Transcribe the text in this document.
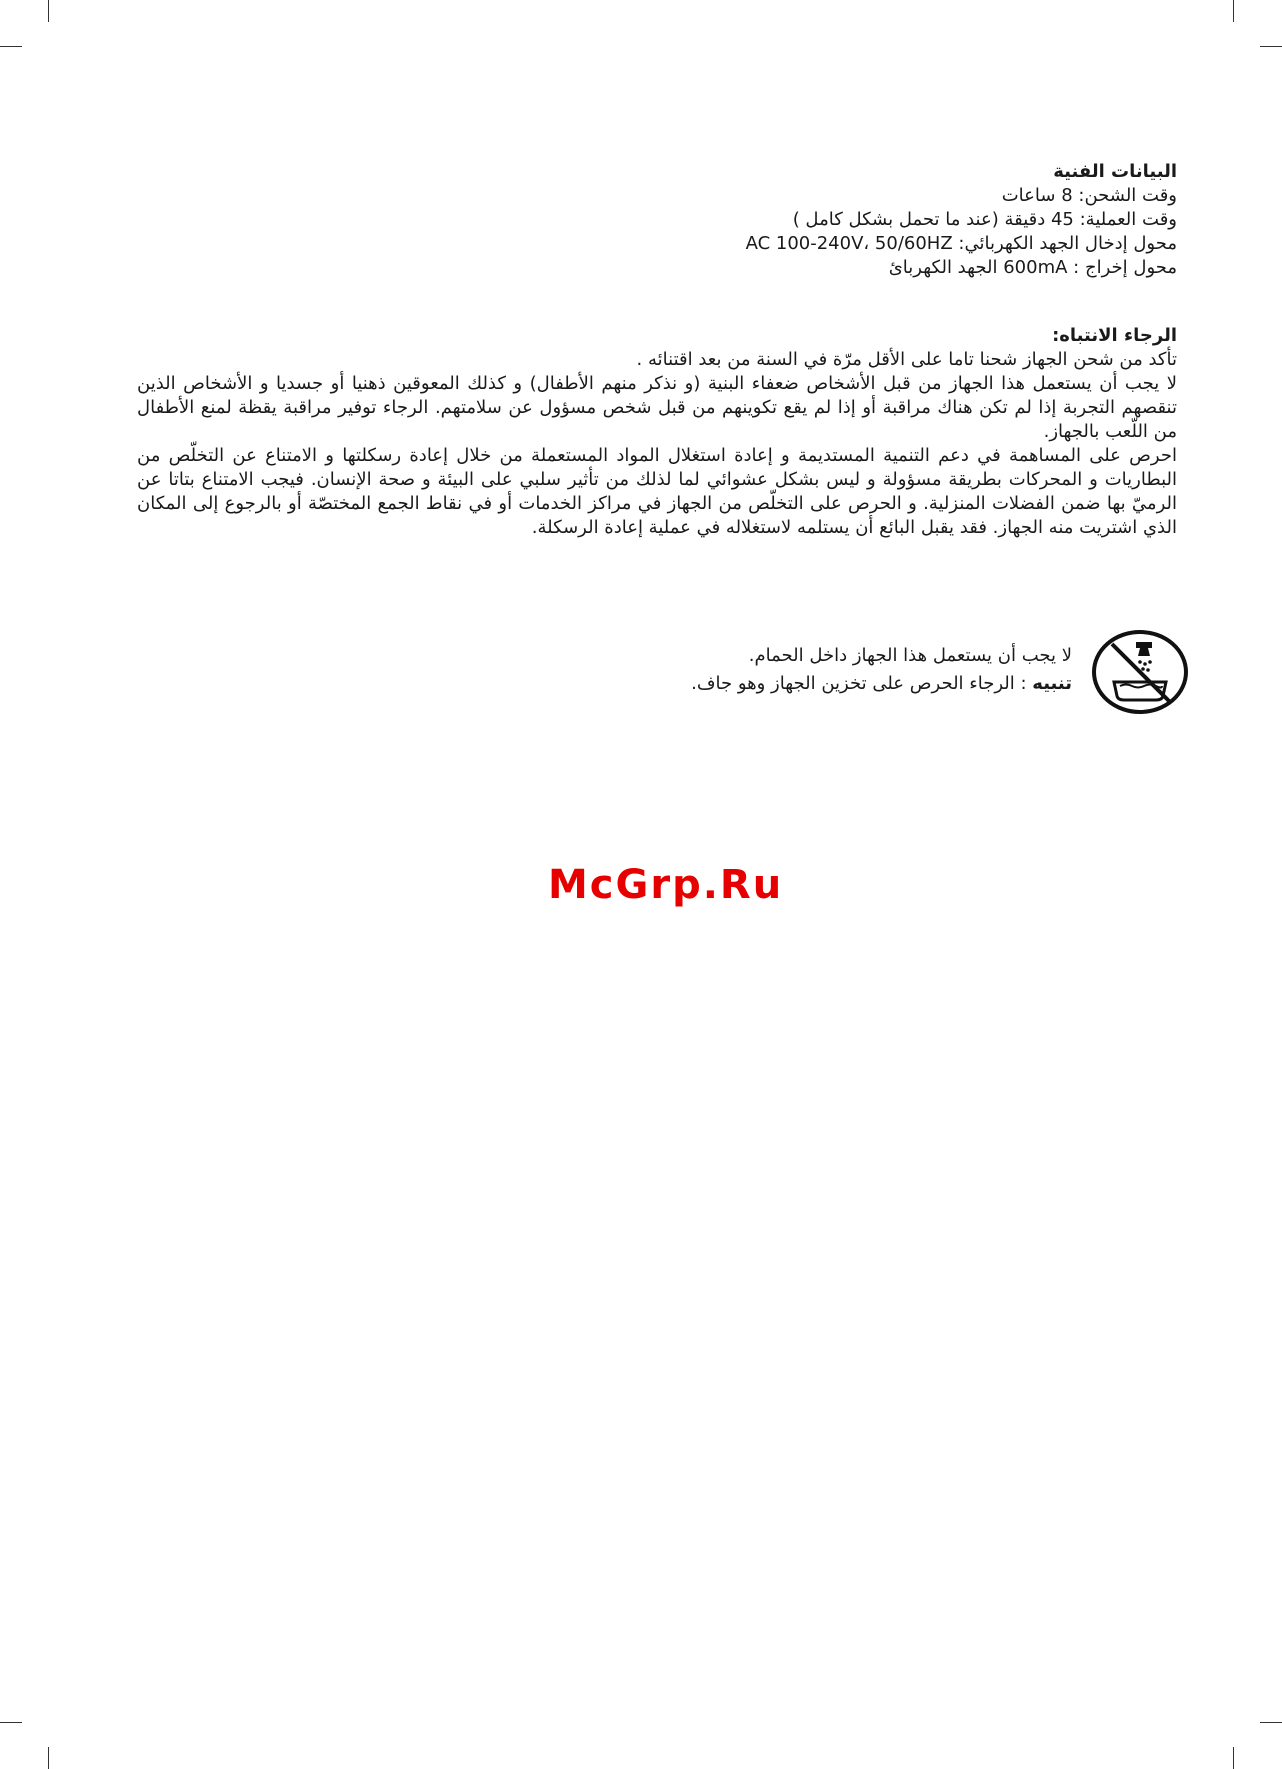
البيانات الفنية
وقت الشحن: 8 ساعات
وقت العملية: 45 دقيقة (عند ما تحمل بشكل كامل )
محول إدخال الجهد الكهربائي: AC 100-240V، 50/60HZ
محول إخراج : 600mA الجهد الكهربائ
الرجاء الانتباه:

تأكد من شحن الجهاز شحنا تاما على الأقل مرّة في السنة من بعد اقتنائه .

لا يجب أن يستعمل هذا الجهاز من قبل الأشخاص ضعفاء البنية (و نذكر منهم الأطفال) و كذلك المعوقين ذهنيا أو جسديا و الأشخاص الذين تنقصهم التجربة إذا لم تكن هناك مراقبة أو إذا لم يقع تكوينهم من قبل شخص مسؤول عن سلامتهم. الرجاء توفير مراقبة يقظة لمنع الأطفال من اللّعب بالجهاز.

احرص على المساهمة في دعم التنمية المستديمة و إعادة استغلال المواد المستعملة من خلال إعادة رسكلتها و الامتناع عن التخلّص من البطاريات و المحركات بطريقة مسؤولة و ليس بشكل عشوائي لما لذلك من تأثير سلبي على البيئة و صحة الإنسان. فيجب الامتناع بتاتا عن الرميّ بها ضمن الفضلات المنزلية. و الحرص على التخلّص من الجهاز في مراكز الخدمات أو في نقاط الجمع المختصّة أو بالرجوع إلى المكان الذي اشتريت منه الجهاز. فقد يقبل البائع أن يستلمه لاستغلاله في عملية إعادة الرسكلة.

لا يجب أن يستعمل هذا الجهاز داخل الحمام.
تنبيه : الرجاء الحرص على تخزين الجهاز وهو جاف.
McGrp.Ru
